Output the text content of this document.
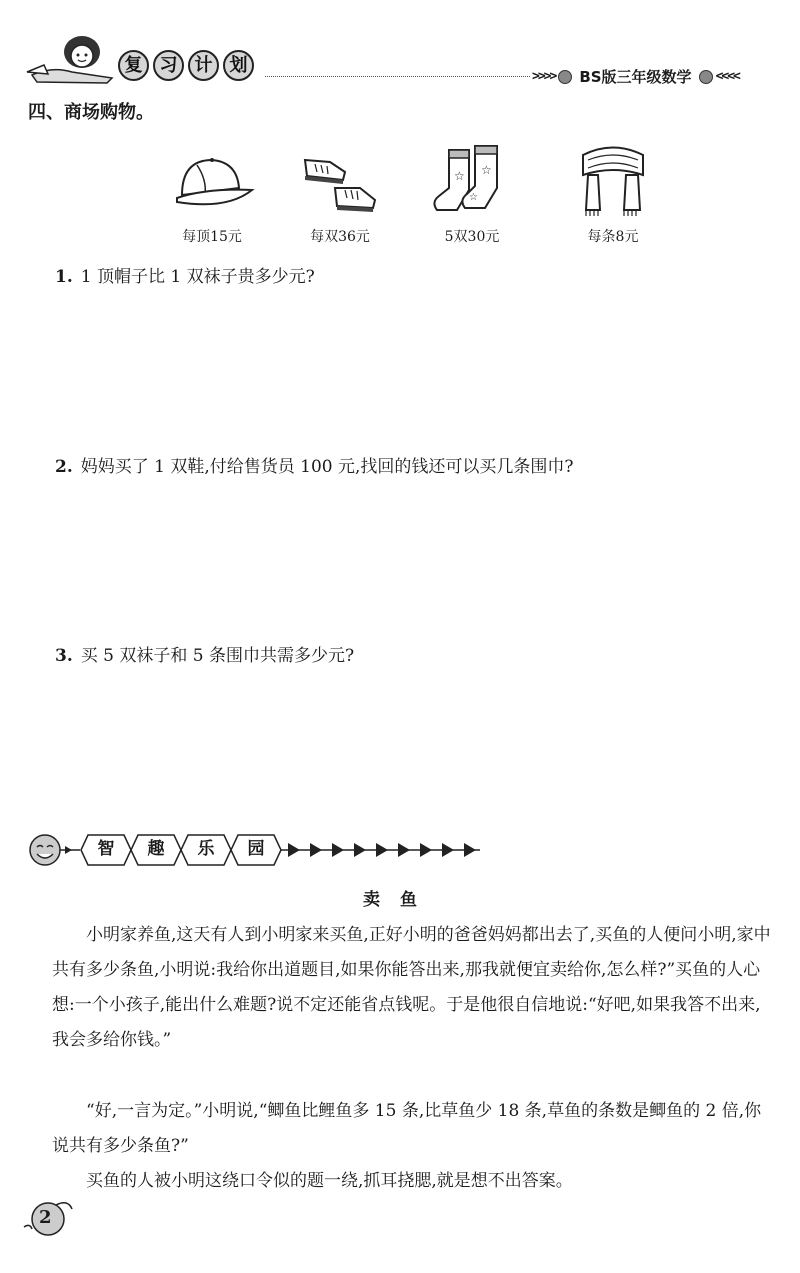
复 习 计 划
>>>> BS版三年级数学 <<<<
四、商场购物。
每顶15元	每双36元
☆ ☆
☆
5双30元	每条8元
1. 1 顶帽子比 1 双袜子贵多少元?
2. 妈妈买了 1 双鞋,付给售货员 100 元,找回的钱还可以买几条围巾?
3. 买 5 双袜子和 5 条围巾共需多少元?
智	趣	乐	园
卖鱼
小明家养鱼,这天有人到小明家来买鱼,正好小明的爸爸妈妈都出去了,买鱼的人便问小明,家中共有多少条鱼,小明说:我给你出道题目,如果你能答出来,那我就便宜卖给你,怎么样?”买鱼的人心想:一个小孩子,能出什么难题?说不定还能省点钱呢。于是他很自信地说:“好吧,如果我答不出来,我会多给你钱。”
“好,一言为定。”小明说,“鲫鱼比鲤鱼多 15 条,比草鱼少 18 条,草鱼的条数是鲫鱼的 2 倍,你说共有多少条鱼?”
买鱼的人被小明这绕口令似的题一绕,抓耳挠腮,就是想不出答案。
2
